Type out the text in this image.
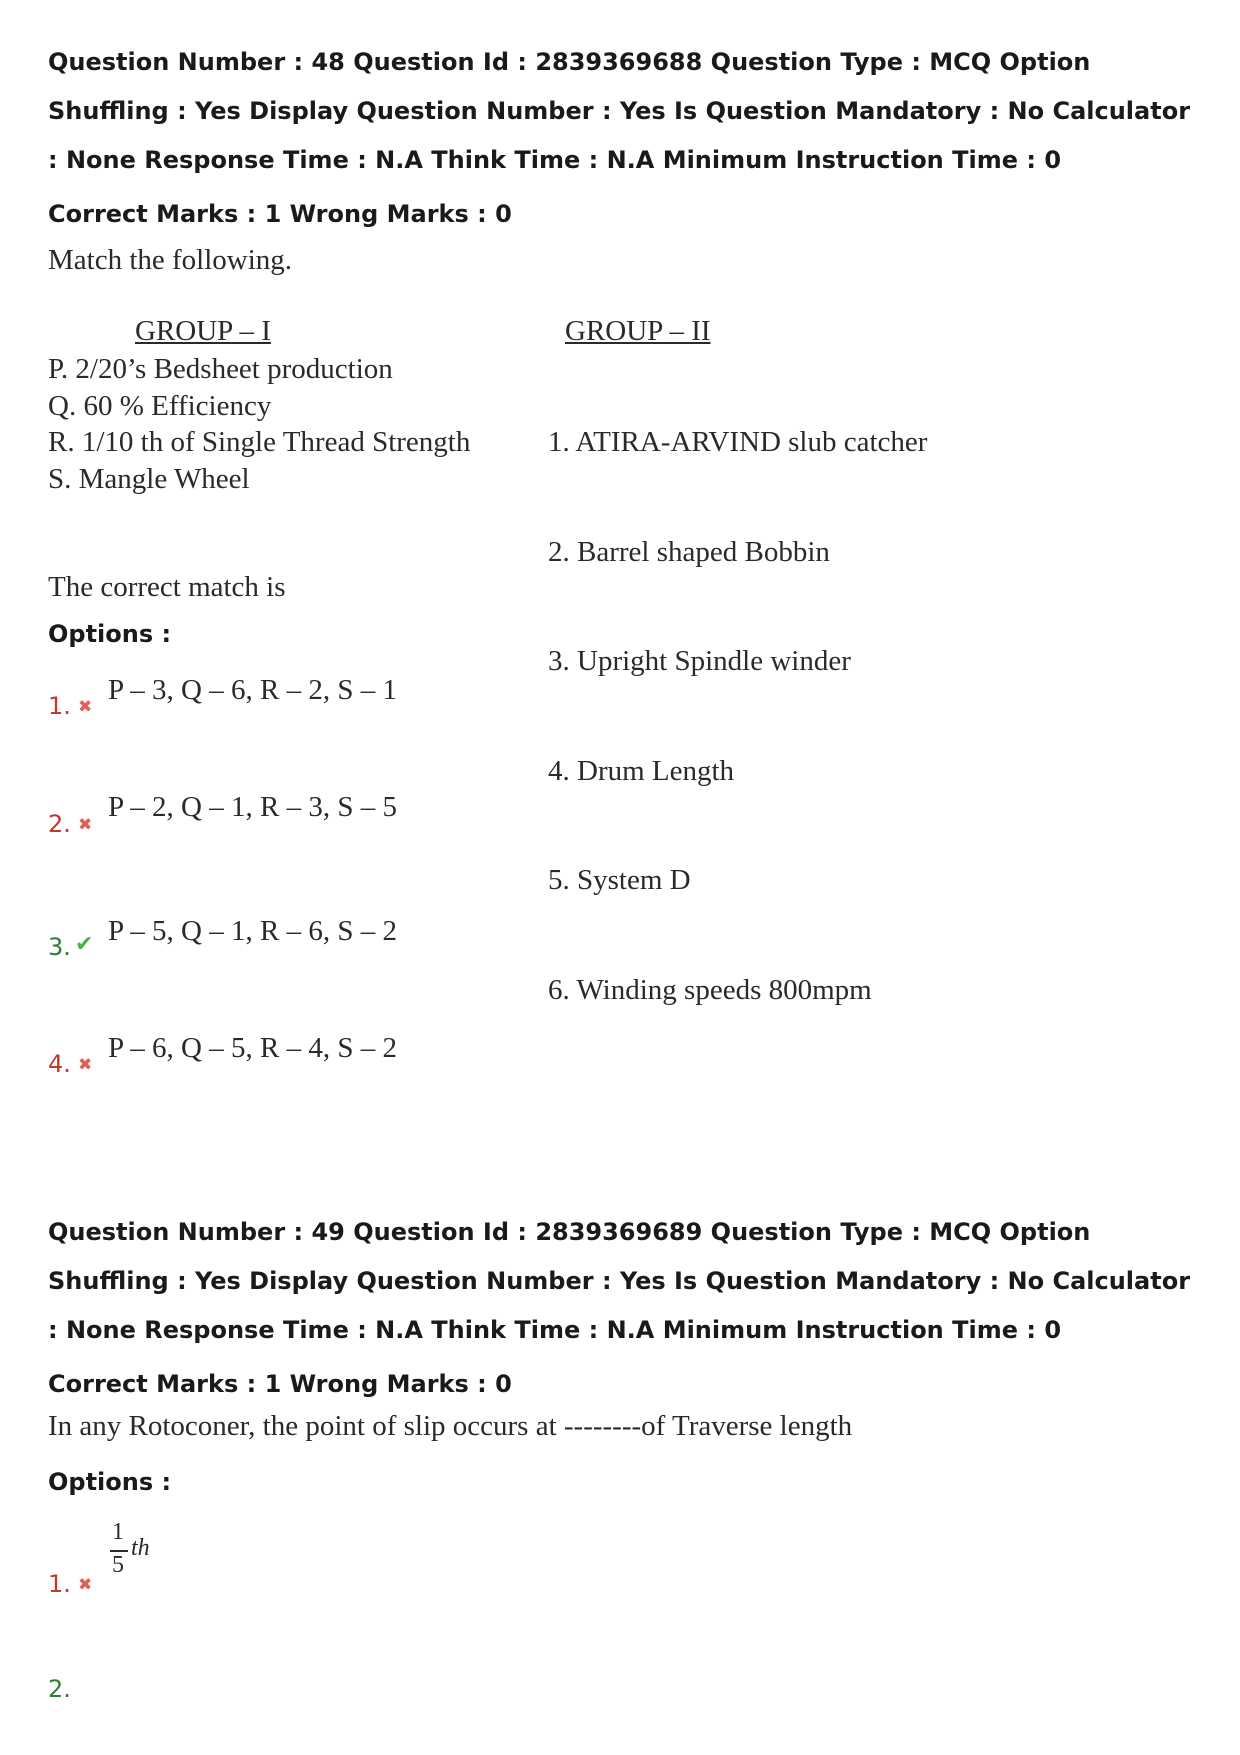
Question Number : 48 Question Id : 2839369688 Question Type : MCQ Option Shuffling : Yes Display Question Number : Yes Is Question Mandatory : No Calculator : None Response Time : N.A Think Time : N.A Minimum Instruction Time : 0

Correct Marks : 1 Wrong Marks : 0
Match the following.
GROUP – I	GROUP – II
P. 2/20’s Bedsheet production
Q. 60 % Efficiency
R. 1/10 th of Single Thread Strength
S. Mangle Wheel

1. ATIRA-ARVIND slub catcher

2. Barrel shaped Bobbin

3. Upright Spindle winder

4. Drum Length

5. System D

6. Winding speeds 800mpm

The correct match is
Options :
1. ✖
P – 3, Q – 6, R – 2, S – 1
2. ✖
P – 2, Q – 1, R – 3, S – 5
3. ✔ P – 5, Q – 1, R – 6, S – 2
4. ✖
P – 6, Q – 5, R – 4, S – 2

Question Number : 49 Question Id : 2839369689 Question Type : MCQ Option Shuffling : Yes Display Question Number : Yes Is Question Mandatory : No Calculator : None Response Time : N.A Think Time : N.A Minimum Instruction Time : 0

Correct Marks : 1 Wrong Marks : 0
In any Rotoconer, the point of slip occurs at --------of Traverse length
Options :
1. ✖
1
5
th
2.
